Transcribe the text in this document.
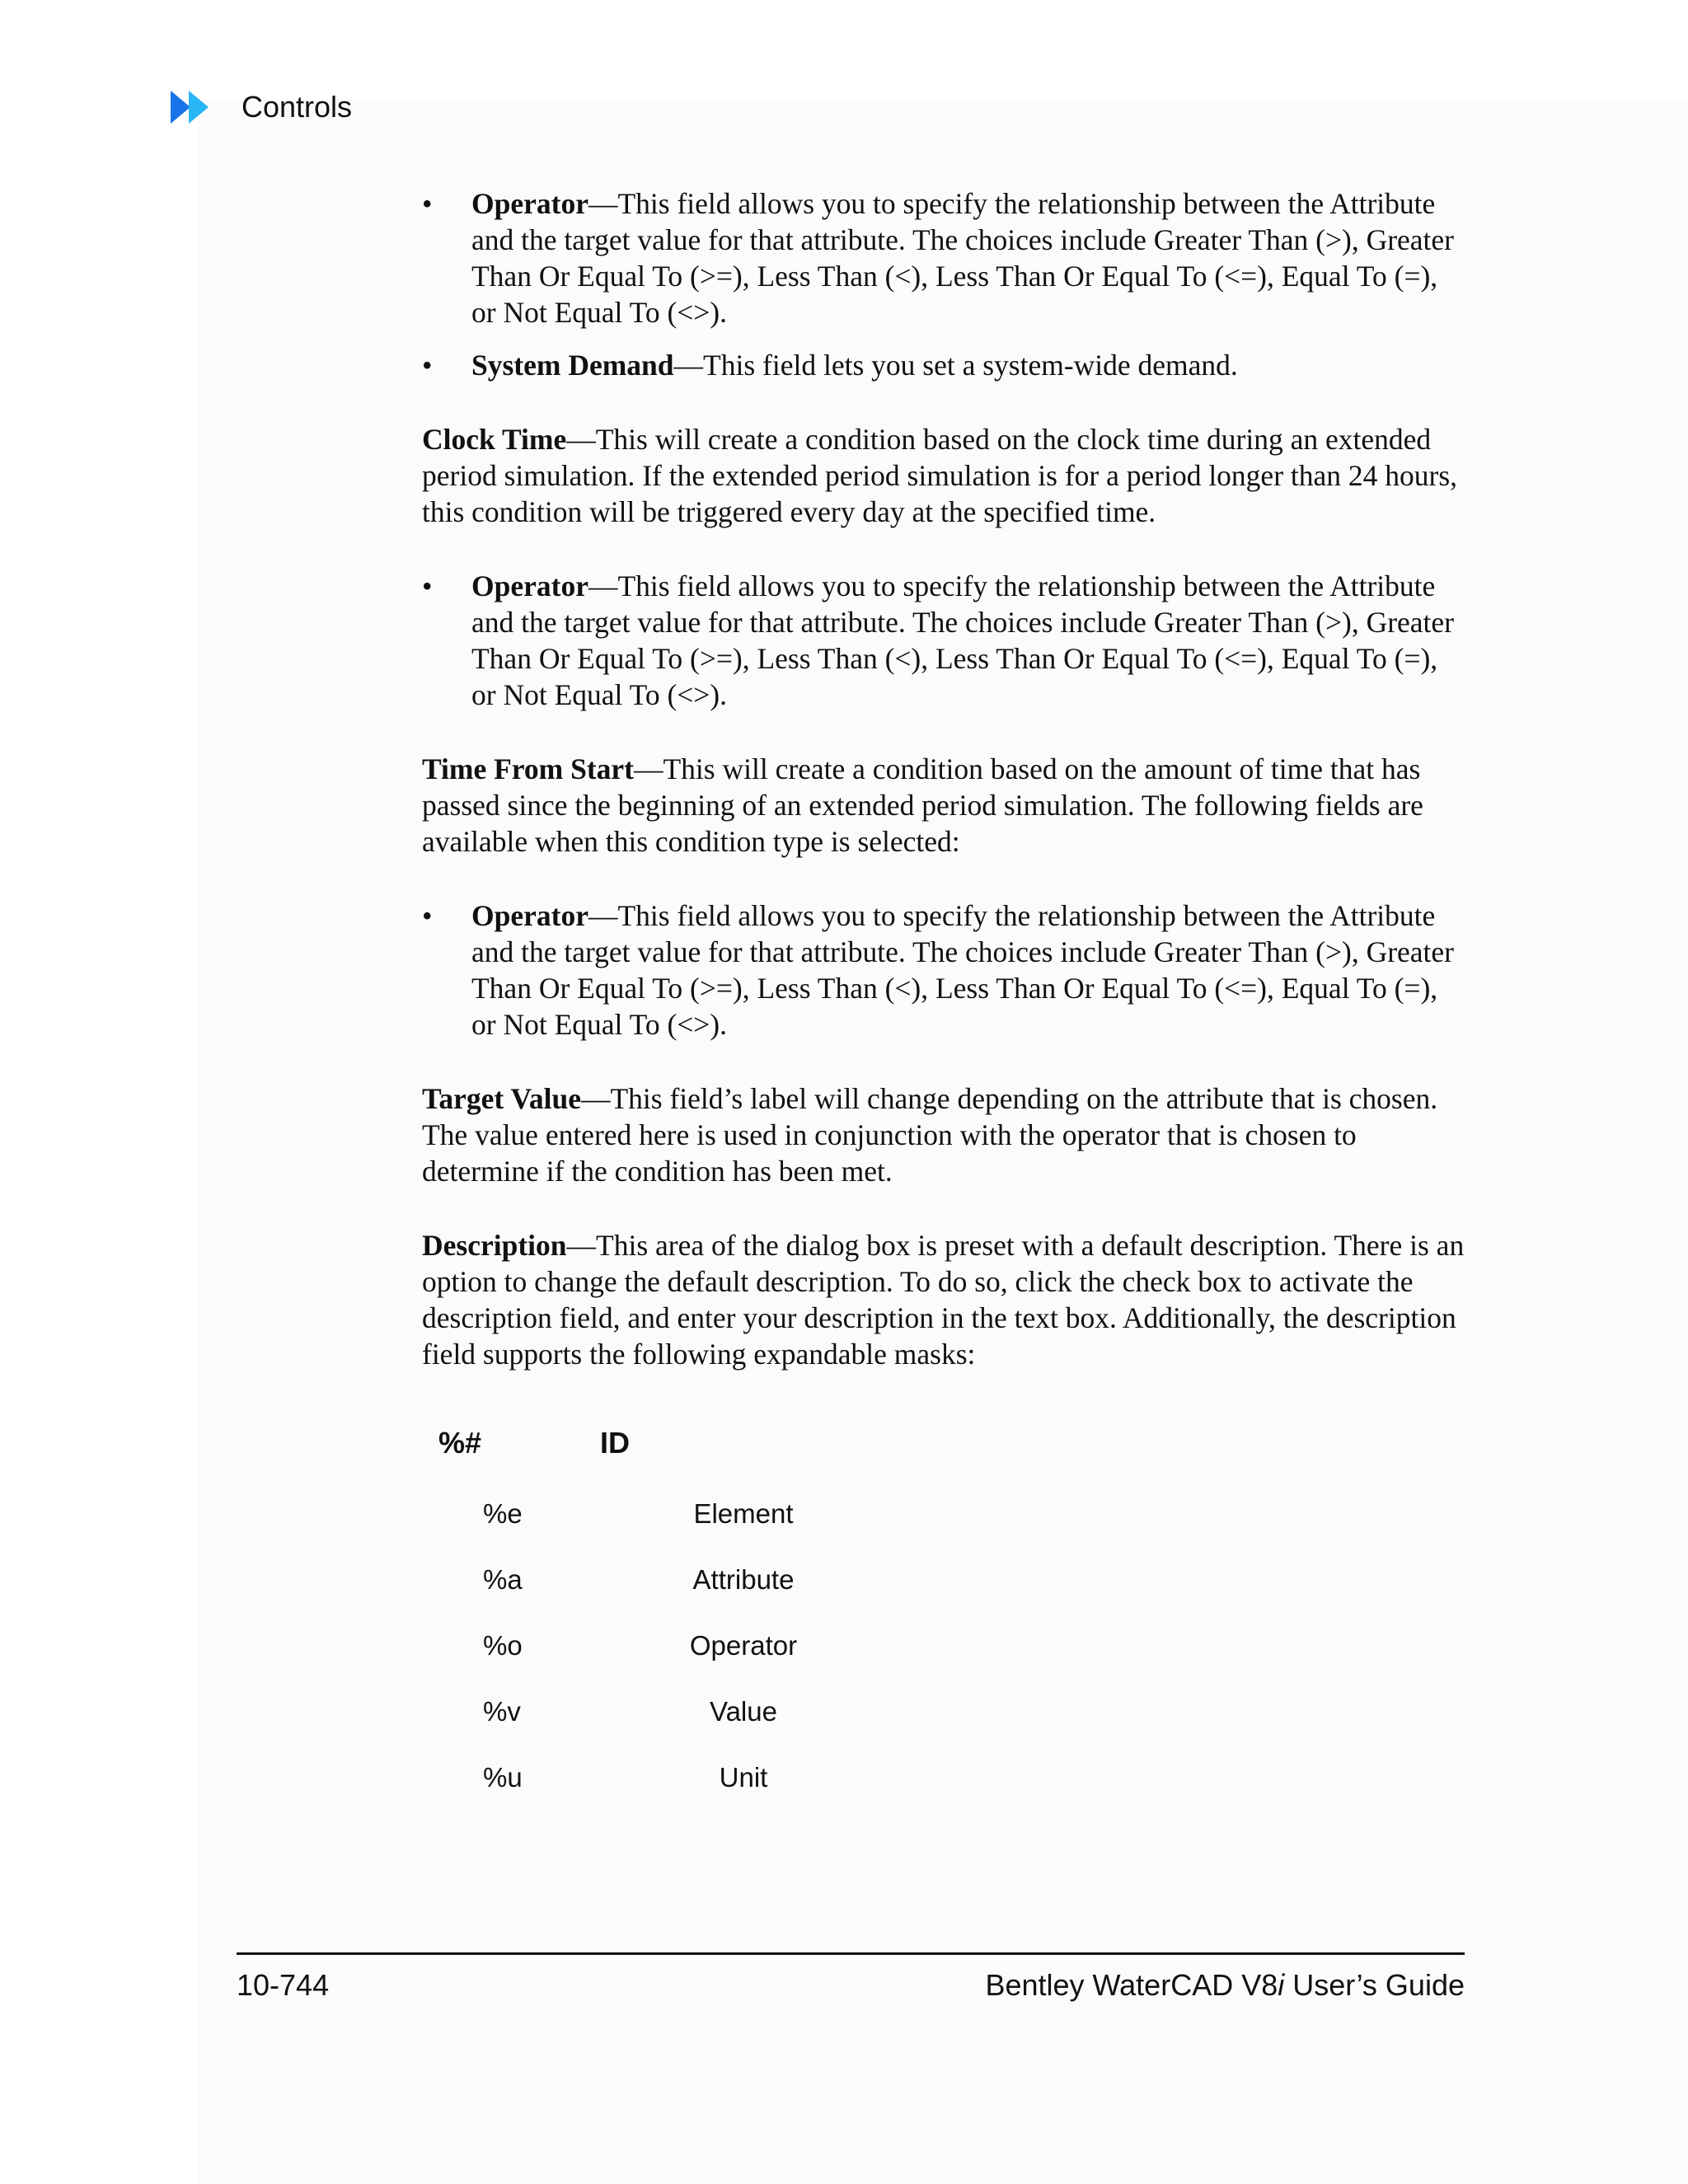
Controls
• Operator—This field allows you to specify the relationship between the Attribute and the target value for that attribute. The choices include Greater Than (>), Greater Than Or Equal To (>=), Less Than (<), Less Than Or Equal To (<=), Equal To (=), or Not Equal To (<>).
• System Demand—This field lets you set a system-wide demand.

Clock Time—This will create a condition based on the clock time during an extended period simulation. If the extended period simulation is for a period longer than 24 hours, this condition will be triggered every day at the specified time.

• Operator—This field allows you to specify the relationship between the Attribute and the target value for that attribute. The choices include Greater Than (>), Greater Than Or Equal To (>=), Less Than (<), Less Than Or Equal To (<=), Equal To (=), or Not Equal To (<>).

Time From Start—This will create a condition based on the amount of time that has passed since the beginning of an extended period simulation. The following fields are available when this condition type is selected:

• Operator—This field allows you to specify the relationship between the Attribute and the target value for that attribute. The choices include Greater Than (>), Greater Than Or Equal To (>=), Less Than (<), Less Than Or Equal To (<=), Equal To (=), or Not Equal To (<>).

Target Value—This field’s label will change depending on the attribute that is chosen. The value entered here is used in conjunction with the operator that is chosen to determine if the condition has been met.

Description—This area of the dialog box is preset with a default description. There is an option to change the default description. To do so, click the check box to activate the description field, and enter your description in the text box. Additionally, the description field supports the following expandable masks:

%#	ID
%e	Element
%a	Attribute
%o	Operator
%v	Value
%u	Unit
10-744	Bentley WaterCAD V8i User’s Guide
